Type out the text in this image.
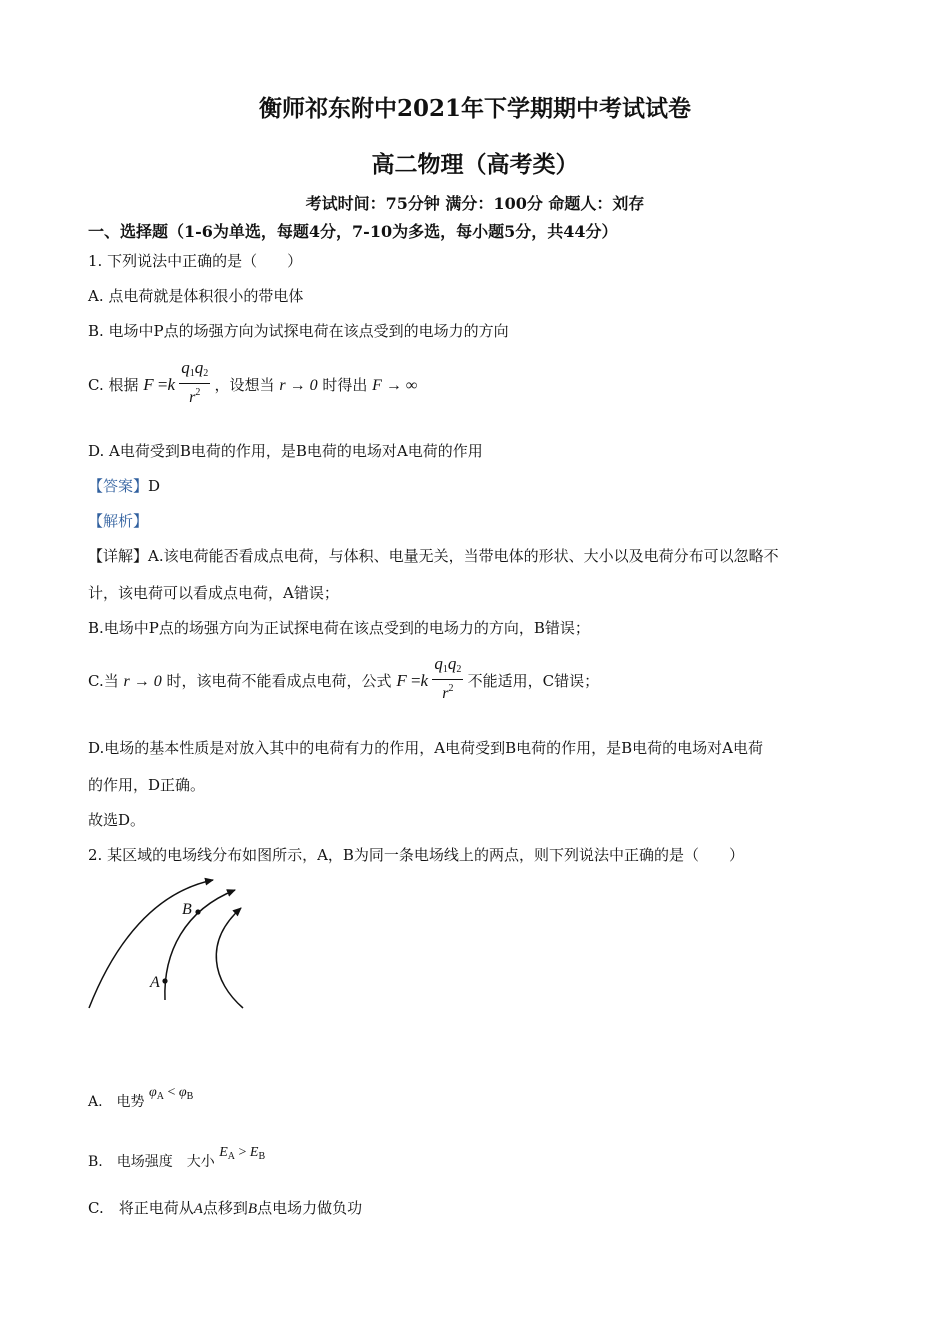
衡师祁东附中2021年下学期期中考试试卷
高二物理（高考类）
考试时间：75分钟 满分：100分 命题人：刘存
一、选择题（1-6为单选，每题4分，7-10为多选，每小题5分，共44分）
1. 下列说法中正确的是（　　）
A. 点电荷就是体积很小的带电体
B. 电场中P点的场强方向为试探电荷在该点受到的电场力的方向
C. 根据 $F =k \frac{q_1q_2}{r^2}$ ，设想当 r → 0 时得出 F → ∞
D. A电荷受到B电荷的作用，是B电荷的电场对A电荷的作用
【答案】D
【解析】
【详解】A.该电荷能否看成点电荷，与体积、电量无关，当带电体的形状、大小以及电荷分布可以忽略不
计，该电荷可以看成点电荷，A错误；
B.电场中P点的场强方向为正试探电荷在该点受到的电场力的方向，B错误；
C.当 r → 0 时，该电荷不能看成点电荷，公式 $F =k \frac{q_1q_2}{r^2}$ 不能适用，C错误；
D.电场的基本性质是对放入其中的电荷有力的作用，A电荷受到B电荷的作用，是B电荷的电场对A电荷
的作用，D正确。
故选D。
2. 某区域的电场线分布如图所示，A，B为同一条电场线上的两点，则下列说法中正确的是（　　）
B
A
A.　电势 $\varphi_A < \varphi_B$
B.　电场强度　大小 $E_A > E_B$
C.　将正电荷从A点移到B点电场力做负功
